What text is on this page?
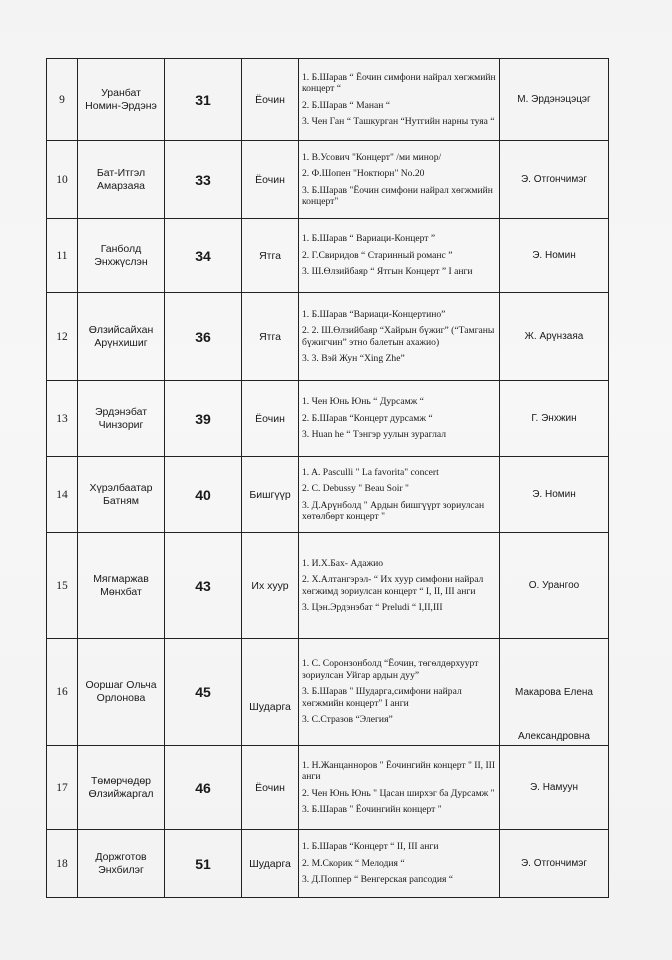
9	Уранбат
Номин-Эрдэнэ	31	Ёочин	1. Б.Шарав “ Ёочин симфони найрал хөгжмийн концерт “
2. Б.Шарав “ Манан “
3. Чен Ган “ Ташкурган “Нутгийн нарны туяа “	М. Эрдэнэцэцэг
10	Бат-Итгэл
Амарзаяа	33	Ёочин	1. В.Усович "Концерт" /ми минор/
2. Ф.Шопен "Ноктюрн" No.20
3. Б.Шарав "Ёочин симфони найрал хөгжмийн концерт"	Э. Отгончимэг
11	Ганболд
Энхжүслэн	34	Ятга	1. Б.Шарав “ Вариаци-Концерт ”
2. Г.Свиридов “ Старинный романс ”
3. Ш.Өлзийбаяр “ Ятгын Концерт ” I анги	Э. Номин
12	Өлзийсайхан
Арүнхишиг	36	Ятга	1. Б.Шарав “Вариаци-Концертино”
2. 2. Ш.Өлзийбаяр “Хайрын бүжиг” (“Тамганы бүжигчин” этно балетын ахажио)
3. 3. Вэй Жун “Xing Zhe”	Ж. Арүнзаяа
13	Эрдэнэбат
Чинзориг	39	Ёочин	1. Чен Юнь Юнь “ Дурсамж “
2. Б.Шарав “Концерт дурсамж “
3. Huan he “ Тэнгэр уулын зураглал	Г. Энхжин
14	Хүрэлбаатар
Батням	40	Бишгүүр	1. A. Pasculli " La favorita" concert
2. C. Debussy " Beau Soir "
3. Д.Арүнболд " Ардын бишгүүрт зориулсан хөтөлбөрт концерт "	Э. Номин
15	Мягмаржав
Мөнхбат	43	Их хуур	1. И.Х.Бах- Адажио
2. Х.Алтангэрэл- “ Их хуур симфони найрал хөгжимд зориулсан концерт “ I, II, III анги
3. Цэн.Эрдэнэбат “ Preludi “ I,II,III	О. Урангоо
16	Ооршаг Ольча
Орлонова	45	Шударга	1. С. Соронзонболд “Ёочин, төгөлдөрхуурт зориулсан Уйгар ардын дуу”
3. Б.Шарав " Шударга,симфони найрал хөгжмийн концерт" I анги
3. С.Стразов “Элегия”	Макарова Елена
Александровна

17	Төмөрчөдөр
Өлзийжаргал	46	Ёочин	1. Н.Жанцанноров " Ёочингийн концерт " II, III анги
2. Чен Юнь Юнь " Цасан ширхэг ба Дурсамж "
3. Б.Шарав " Ёочингийн концерт "	Э. Намуун
18	Доржготов
Энхбилэг	51	Шударга	1. Б.Шарав “Концерт “ II, III анги
2. М.Скорик “ Мелодия “
3. Д.Поппер “ Венгерская рапсодия “	Э. Отгончимэг
